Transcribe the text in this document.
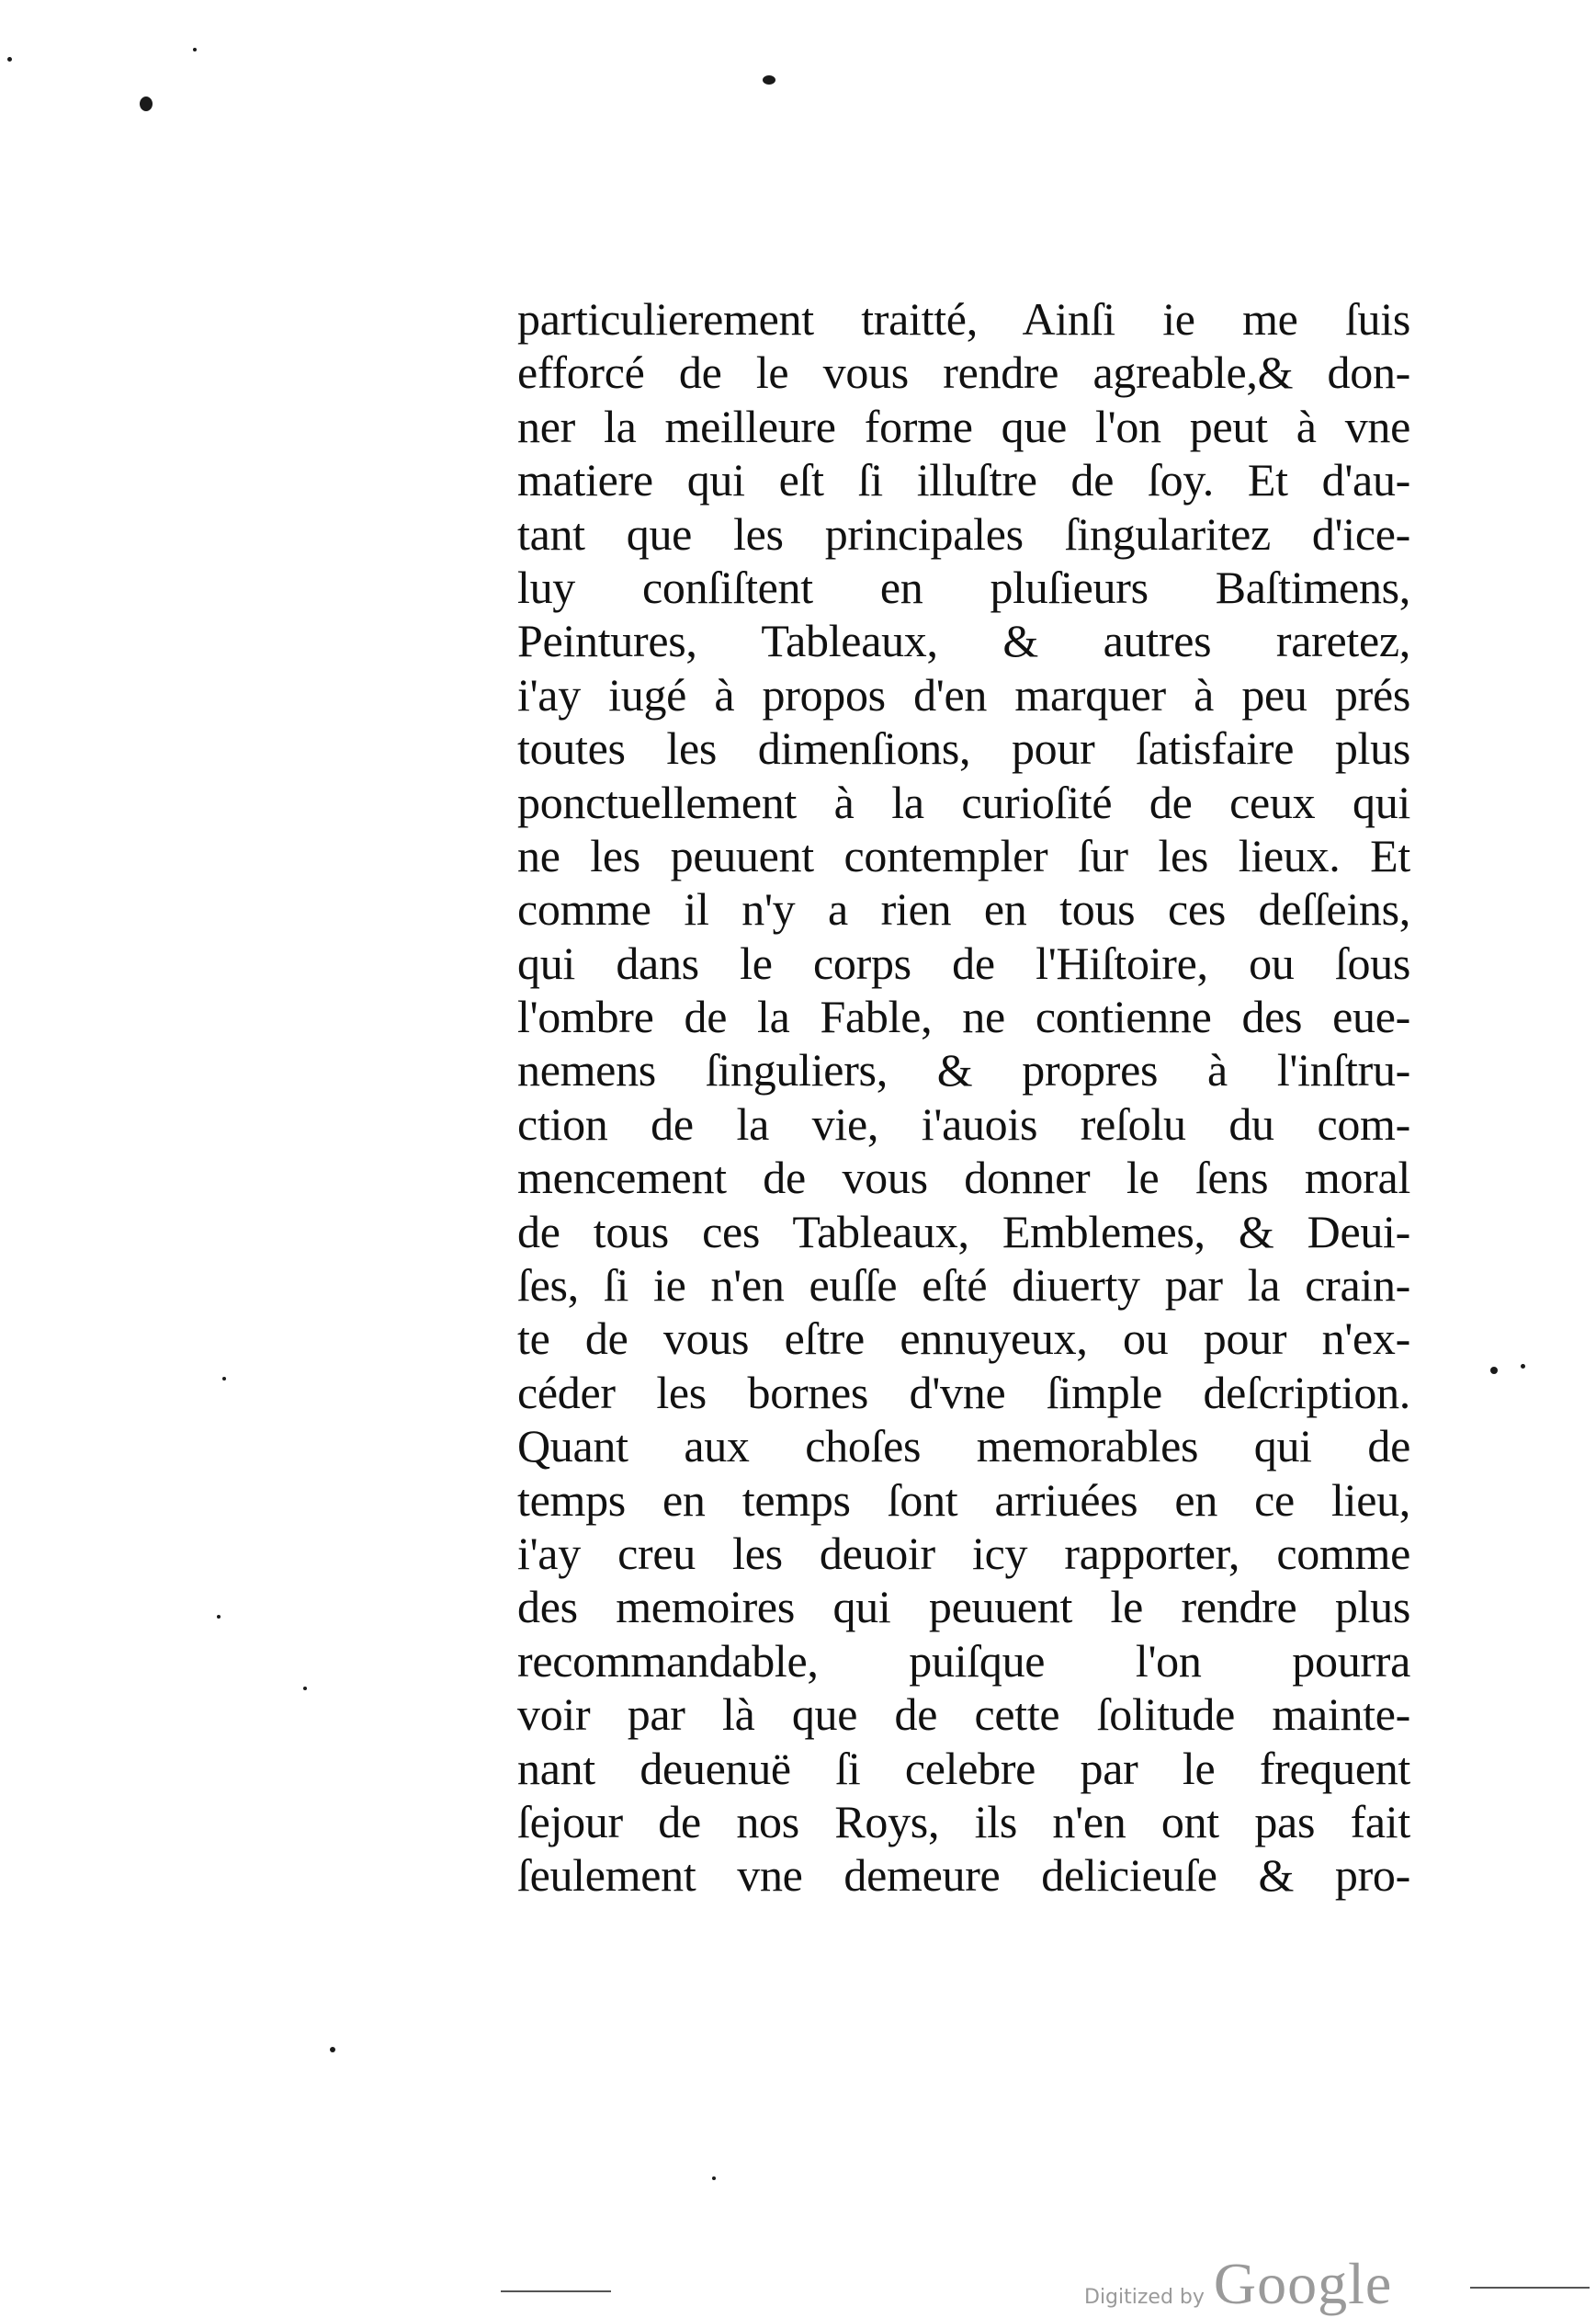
particulierement traitté, Ainſi ie me ſuis
efforcé de le vous rendre agreable,& don-
ner la meilleure forme que l'on peut à vne
matiere qui eſt ſi illuſtre de ſoy. Et d'au-
tant que les principales ſingularitez d'ice-
luy conſiſtent en pluſieurs Baſtimens,
Peintures, Tableaux, & autres raretez,
i'ay iugé à propos d'en marquer à peu prés
toutes les dimenſions, pour ſatisfaire plus
ponctuellement à la curioſité de ceux qui
ne les peuuent contempler ſur les lieux. Et
comme il n'y a rien en tous ces deſſeins,
qui dans le corps de l'Hiſtoire, ou ſous
l'ombre de la Fable, ne contienne des eue-
nemens ſinguliers, & propres à l'inſtru-
ction de la vie, i'auois reſolu du com-
mencement de vous donner le ſens moral
de tous ces Tableaux, Emblemes, & Deui-
ſes, ſi ie n'en euſſe eſté diuerty par la crain-
te de vous eſtre ennuyeux, ou pour n'ex-
céder les bornes d'vne ſimple deſcription.
Quant aux choſes memorables qui de
temps en temps ſont arriuées en ce lieu,
i'ay creu les deuoir icy rapporter, comme
des memoires qui peuuent le rendre plus
recommandable, puiſque l'on pourra
voir par là que de cette ſolitude mainte-
nant deuenuë ſi celebre par le frequent
ſejour de nos Roys, ils n'en ont pas fait
ſeulement vne demeure delicieuſe & pro-
Digitized by Google
